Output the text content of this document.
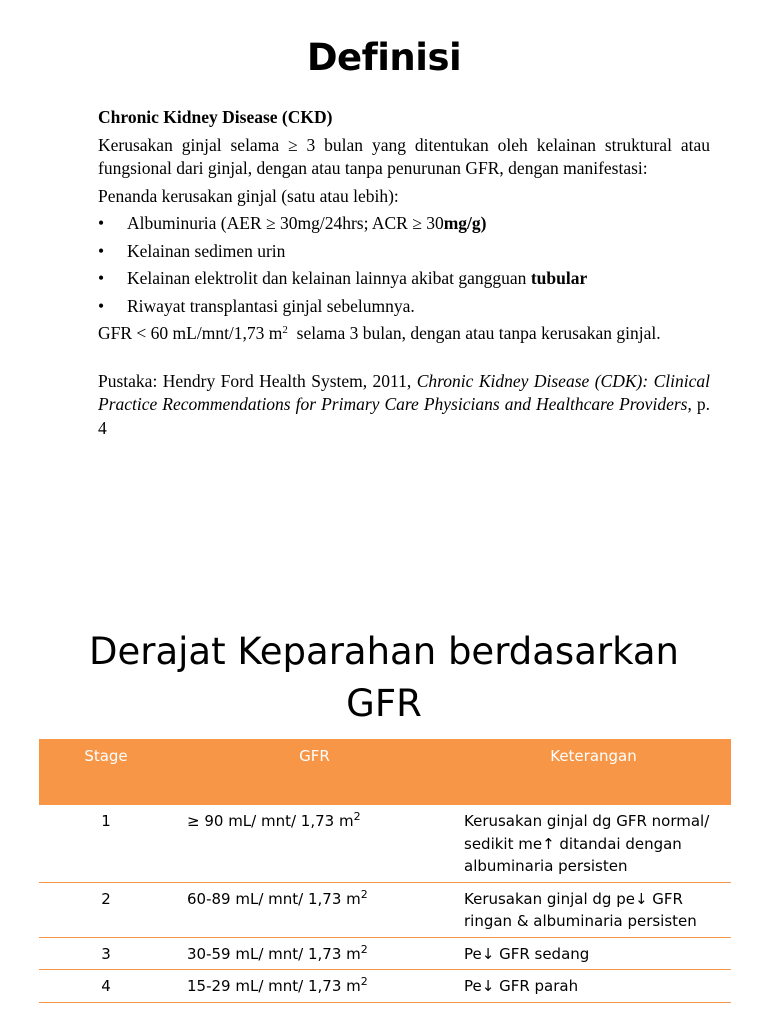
Definisi

Chronic Kidney Disease (CKD)

Kerusakan ginjal selama ≥ 3 bulan yang ditentukan oleh kelainan struktural atau fungsional dari ginjal, dengan atau tanpa penurunan GFR, dengan manifestasi:

Penanda kerusakan ginjal (satu atau lebih):

• Albuminuria (AER ≥ 30mg/24hrs; ACR ≥ 30mg/g)
• Kelainan sedimen urin
• Kelainan elektrolit dan kelainan lainnya akibat gangguan tubular
• Riwayat transplantasi ginjal sebelumnya.

GFR < 60 mL/mnt/1,73 $m^2$  selama 3 bulan, dengan atau tanpa kerusakan ginjal.

Pustaka: Hendry Ford Health System, 2011, Chronic Kidney Disease (CDK): Clinical Practice Recommendations for Primary Care Physicians and Healthcare Providers, p. 4

Derajat Keparahan berdasarkan
GFR
Stage	GFR	Keterangan
1	≥ 90 mL/ mnt/ 1,73 $m^2$	Kerusakan ginjal dg GFR normal/ sedikit me↑ ditandai dengan albuminaria persisten
2	60-89 mL/ mnt/ 1,73 $m^2$	Kerusakan ginjal dg pe↓ GFR ringan & albuminaria persisten
3	30-59 mL/ mnt/ 1,73 $m^2$	Pe↓ GFR sedang
4	15-29 mL/ mnt/ 1,73 $m^2$	Pe↓ GFR parah
